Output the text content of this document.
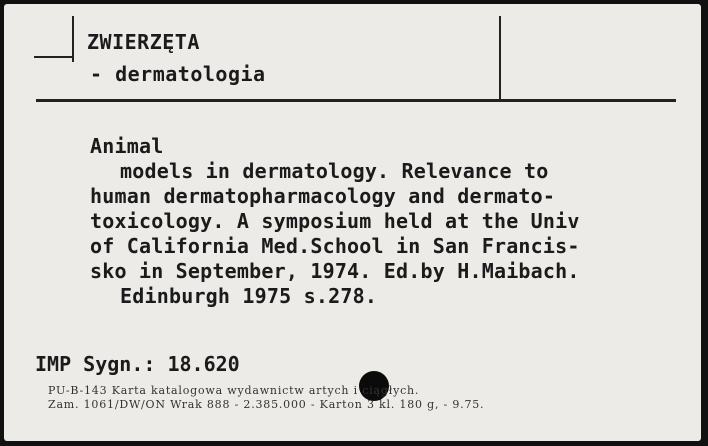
ZWIERZĘTA
- dermatologia
Animal
models in dermatology. Relevance to
human dermatopharmacology and dermato-
toxicology. A symposium held at the Univ
of California Med.School in San Francis-
sko in September, 1974. Ed.by H.Maibach.
Edinburgh 1975 s.278.
IMP Sygn.: 18.620
PU-B-143 Karta katalogowa wydawnictw artych i ciągłych.
Zam. 1061/DW/ON Wrak 888 - 2.385.000 - Karton 3 kl. 180 g, - 9.75.
